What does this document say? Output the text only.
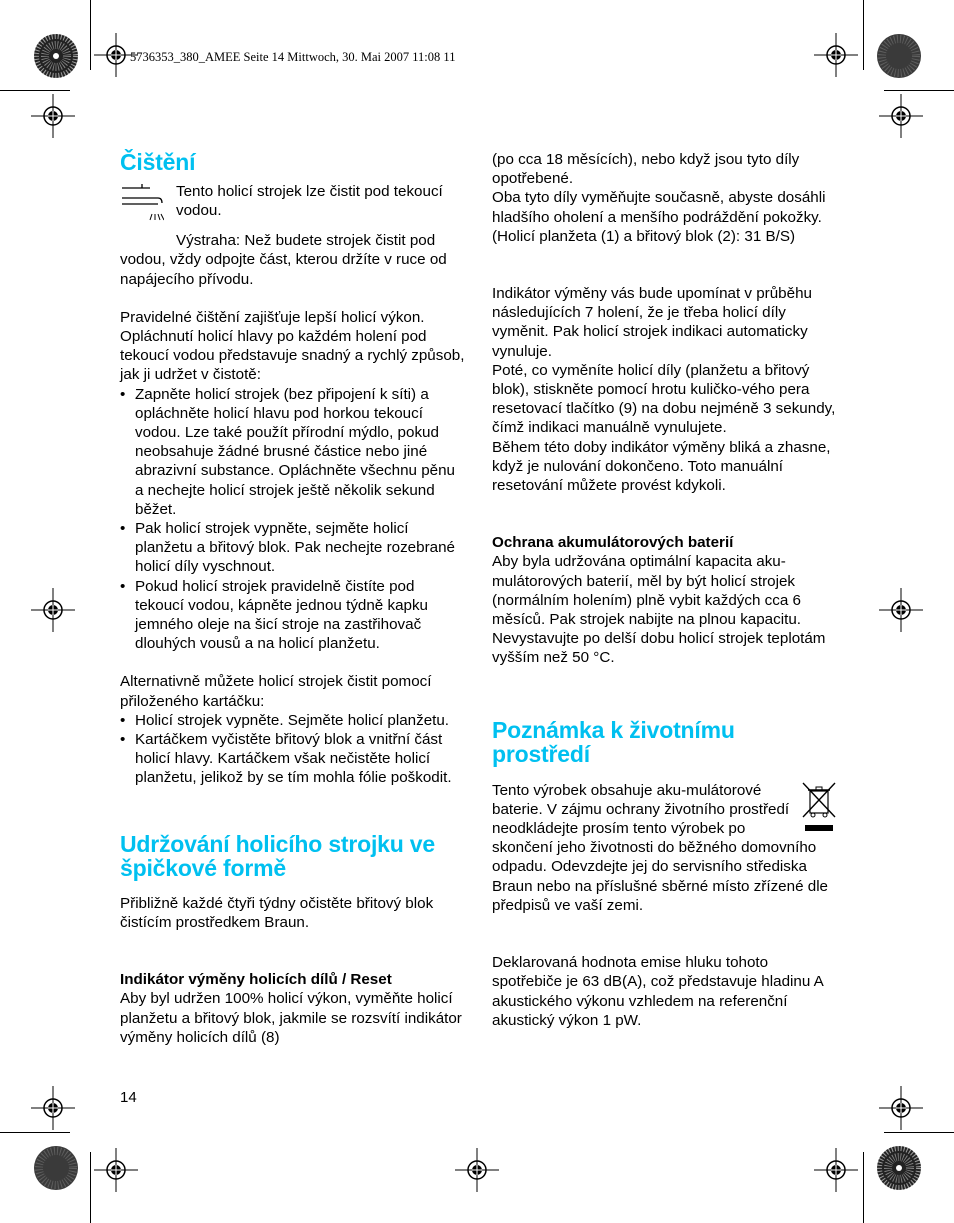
5736353_380_AMEE Seite 14 Mittwoch, 30. Mai 2007 11:08 11
Čištění

Tento holicí strojek lze čistit pod tekoucí vodou.

Výstraha: Než budete strojek čistit pod vodou, vždy odpojte část, kterou držíte v ruce od napájecího přívodu.

Pravidelné čištění zajišťuje lepší holicí výkon. Opláchnutí holicí hlavy po každém holení pod tekoucí vodou představuje snadný a rychlý způsob, jak ji udržet v čistotě:

• Zapněte holicí strojek (bez připojení k síti) a opláchněte holicí hlavu pod horkou tekoucí vodou. Lze také použít přírodní mýdlo, pokud neobsahuje žádné brusné částice nebo jiné abrazivní substance. Opláchněte všechnu pěnu a nechejte holicí strojek ještě několik sekund běžet.
• Pak holicí strojek vypněte, sejměte holicí planžetu a břitový blok. Pak nechejte rozebrané holicí díly vyschnout.
• Pokud holicí strojek pravidelně čistíte pod tekoucí vodou, kápněte jednou týdně kapku jemného oleje na šicí stroje na zastřihovač dlouhých vousů a na holicí planžetu.

Alternativně můžete holicí strojek čistit pomocí přiloženého kartáčku:

• Holicí strojek vypněte. Sejměte holicí planžetu.
• Kartáčkem vyčistěte břitový blok a vnitřní část holicí hlavy. Kartáčkem však nečistěte holicí planžetu, jelikož by se tím mohla fólie poškodit.
Udržování holicího strojku ve špičkové formě

Přibližně každé čtyři týdny očistěte břitový blok čistícím prostředkem Braun.

Indikátor výměny holicích dílů / Reset

Aby byl udržen 100% holicí výkon, vyměňte holicí planžetu a břitový blok, jakmile se rozsvítí indikátor výměny holicích dílů (8)

14

(po cca 18 měsících), nebo když jsou tyto díly opotřebené.

Oba tyto díly vyměňujte současně, abyste dosáhli hladšího oholení a menšího podráždění pokožky.

(Holicí planžeta (1) a břitový blok (2): 31 B/S)

Indikátor výměny vás bude upomínat v průběhu následujících 7 holení, že je třeba holicí díly vyměnit. Pak holicí strojek indikaci automaticky vynuluje.

Poté, co vyměníte holicí díly (planžetu a břitový blok), stiskněte pomocí hrotu kuličko-vého pera resetovací tlačítko (9) na dobu nejméně 3 sekundy, čímž indikaci manuálně vynulujete.

Během této doby indikátor výměny bliká a zhasne, když je nulování dokončeno. Toto manuální resetování můžete provést kdykoli.

Ochrana akumulátorových baterií

Aby byla udržována optimální kapacita aku-mulátorových baterií, měl by být holicí strojek (normálním holením) plně vybit každých cca 6 měsíců. Pak strojek nabijte na plnou kapacitu. Nevystavujte po delší dobu holicí strojek teplotám vyšším než 50 °C.

Poznámka k životnímu prostředí

Tento výrobek obsahuje aku-mulátorové baterie. V zájmu ochrany životního prostředí neodkládejte prosím tento výrobek po skončení jeho životnosti do běžného domovního odpadu. Odevzdejte jej do servisního střediska Braun nebo na příslušné sběrné místo zřízené dle předpisů ve vaší zemi.

Deklarovaná hodnota emise hluku tohoto spotřebiče je 63 dB(A), což představuje hladinu A akustického výkonu vzhledem na referenční akustický výkon 1 pW.
